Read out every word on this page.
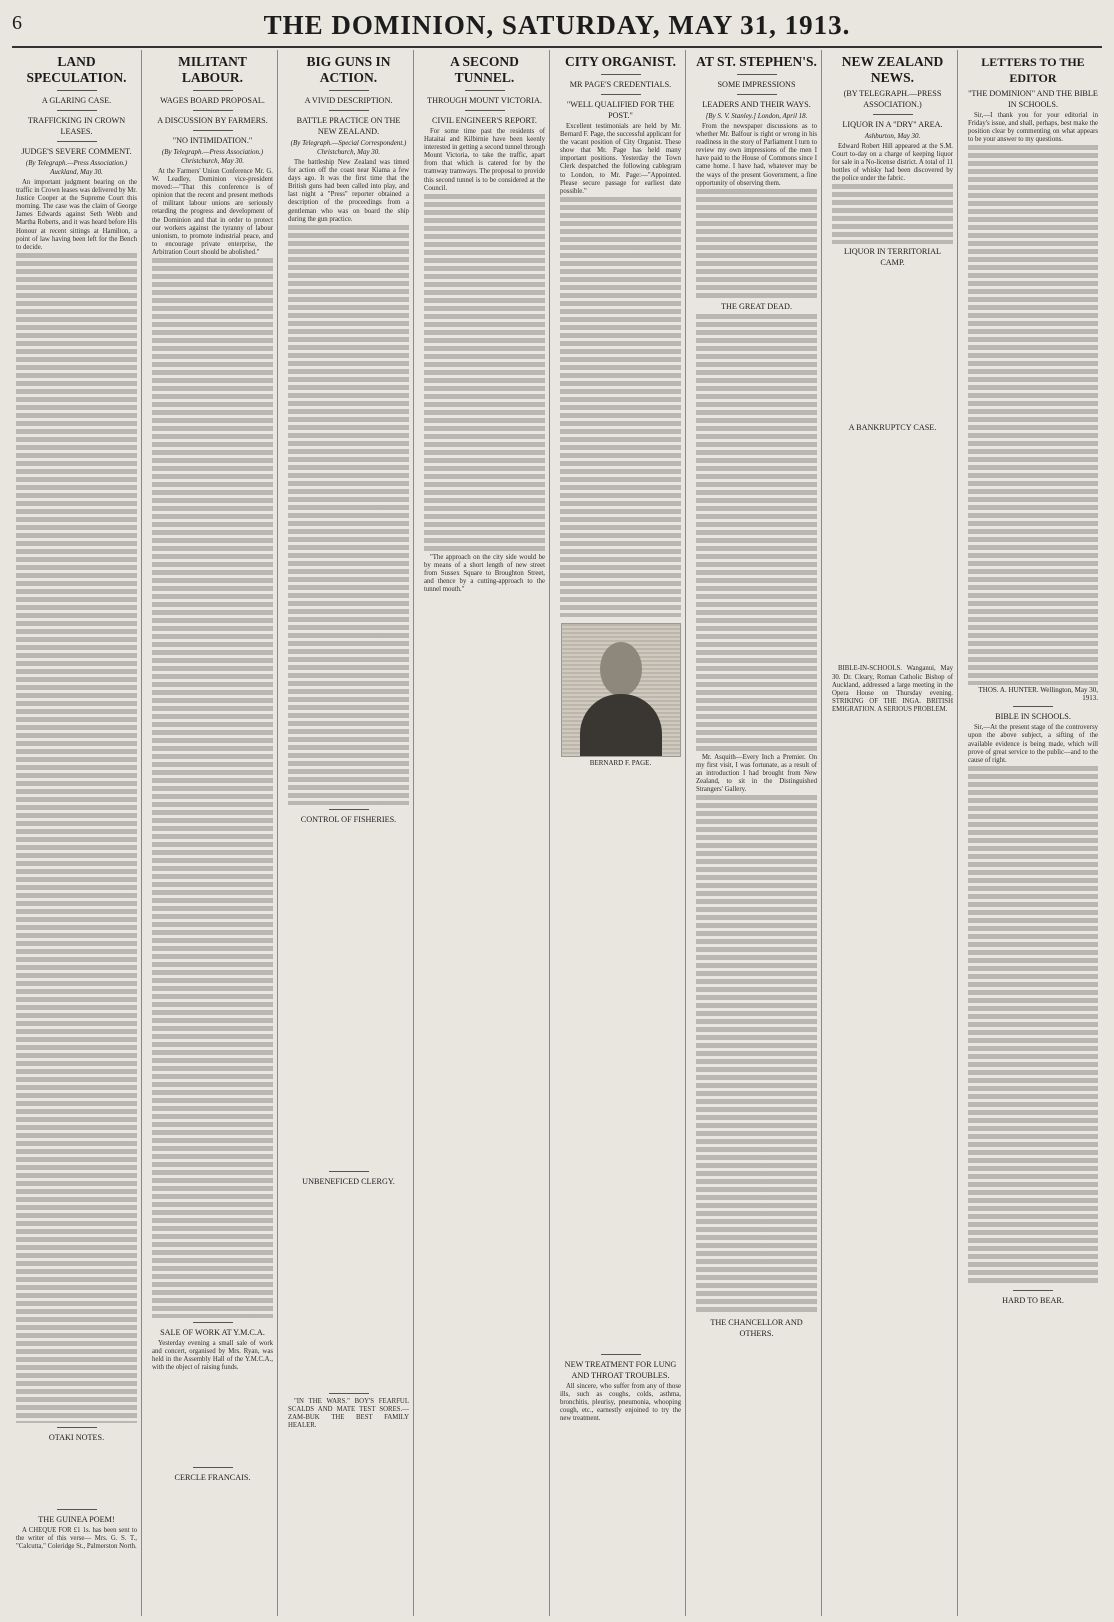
6	THE DOMINION, SATURDAY, MAY 31, 1913.
LAND SPECULATION.
A GLARING CASE.
TRAFFICKING IN CROWN LEASES.
JUDGE'S SEVERE COMMENT.
(By Telegraph.—Press Association.) Auckland, May 30.

An important judgment bearing on the traffic in Crown leases was delivered by Mr. Justice Cooper at the Supreme Court this morning. The case was the claim of George James Edwards against Seth Webb and Martha Roberts, and it was heard before His Honour at recent sittings at Hamilton, a point of law having been left for the Bench to decide.

OTAKI NOTES.
THE GUINEA POEM!

A CHEQUE FOR £1 1s. has been sent to the writer of this verse— Mrs. G. S. T., "Calcutta," Coleridge St., Palmerston North.

MILITANT LABOUR.
WAGES BOARD PROPOSAL.
A DISCUSSION BY FARMERS.
"NO INTIMIDATION."
(By Telegraph.—Press Association.) Christchurch, May 30.

At the Farmers' Union Conference Mr. G. W. Leadley, Dominion vice-president moved:—"That this conference is of opinion that the recent and present methods of militant labour unions are seriously retarding the progress and development of the Dominion and that in order to protect our workers against the tyranny of labour unionism, to promote industrial peace, and to encourage private enterprise, the Arbitration Court should be abolished."

SALE OF WORK AT Y.M.C.A.

Yesterday evening a small sale of work and concert, organised by Mrs. Ryan, was held in the Assembly Hall of the Y.M.C.A., with the object of raising funds.

CERCLE FRANCAIS.
BIG GUNS IN ACTION.
A VIVID DESCRIPTION.
BATTLE PRACTICE ON THE NEW ZEALAND.
(By Telegraph.—Special Correspondent.) Christchurch, May 30.

The battleship New Zealand was timed for action off the coast near Kiama a few days ago. It was the first time that the British guns had been called into play, and last night a "Press" reporter obtained a description of the proceedings from a gentleman who was on board the ship during the gun practice.

CONTROL OF FISHERIES.
UNBENEFICED CLERGY.

"IN THE WARS." BOY'S FEARFUL SCALDS AND MATE TEST SORES.—ZAM-BUK THE BEST FAMILY HEALER.

A SECOND TUNNEL.
THROUGH MOUNT VICTORIA.
CIVIL ENGINEER'S REPORT.

For some time past the residents of Hataitai and Kilbirnie have been keenly interested in getting a second tunnel through Mount Victoria, to take the traffic, apart from that which is catered for by the tramway tramways. The proposal to provide this second tunnel is to be considered at the Council.

"The approach on the city side would be by means of a short length of new street from Sussex Square to Broughton Street, and thence by a cutting-approach to the tunnel mouth."

CITY ORGANIST.
MR PAGE'S CREDENTIALS.
"WELL QUALIFIED FOR THE POST."

Excellent testimonials are held by Mr. Bernard F. Page, the successful applicant for the vacant position of City Organist. These show that Mr. Page has held many important positions. Yesterday the Town Clerk despatched the following cablegram to London, to Mr. Page:—"Appointed. Please secure passage for earliest date possible."

BERNARD F. PAGE.
NEW TREATMENT FOR LUNG AND THROAT TROUBLES.

All sincere, who suffer from any of those ills, such as coughs, colds, asthma, bronchitis, pleurisy, pneumonia, whooping cough, etc., earnestly enjoined to try the new treatment.

AT ST. STEPHEN'S.
SOME IMPRESSIONS
LEADERS AND THEIR WAYS.
[By S. V. Stanley.] London, April 18.

From the newspaper discussions as to whether Mr. Balfour is right or wrong in his readiness in the story of Parliament I turn to review my own impressions of the men I have paid to the House of Commons since I came home. I have had, whatever may be the ways of the present Government, a fine opportunity of observing them.

THE GREAT DEAD.

Mr. Asquith—Every Inch a Premier. On my first visit, I was fortunate, as a result of an introduction I had brought from New Zealand, to sit in the Distinguished Strangers' Gallery.

THE CHANCELLOR AND OTHERS.
NEW ZEALAND NEWS.
(BY TELEGRAPH.—PRESS ASSOCIATION.)
LIQUOR IN A "DRY" AREA.
Ashburton, May 30.

Edward Robert Hill appeared at the S.M. Court to-day on a charge of keeping liquor for sale in a No-license district. A total of 11 bottles of whisky had been discovered by the police under the fabric.

LIQUOR IN TERRITORIAL CAMP.
A BANKRUPTCY CASE.

BIBLE-IN-SCHOOLS. Wanganui, May 30. Dr. Cleary, Roman Catholic Bishop of Auckland, addressed a large meeting in the Opera House on Thursday evening. STRIKING OF THE INGA. BRITISH EMIGRATION. A SERIOUS PROBLEM.

LETTERS TO THE EDITOR
"THE DOMINION" AND THE BIBLE IN SCHOOLS.

Sir,—I thank you for your editorial in Friday's issue, and shall, perhaps, best make the position clear by commenting on what appears to be your answer to my questions.

THOS. A. HUNTER. Wellington, May 30, 1913.
BIBLE IN SCHOOLS.

Sir,—At the present stage of the controversy upon the above subject, a sifting of the available evidence is being made, which will prove of great service to the public—and to the cause of right.

HARD TO BEAR.
